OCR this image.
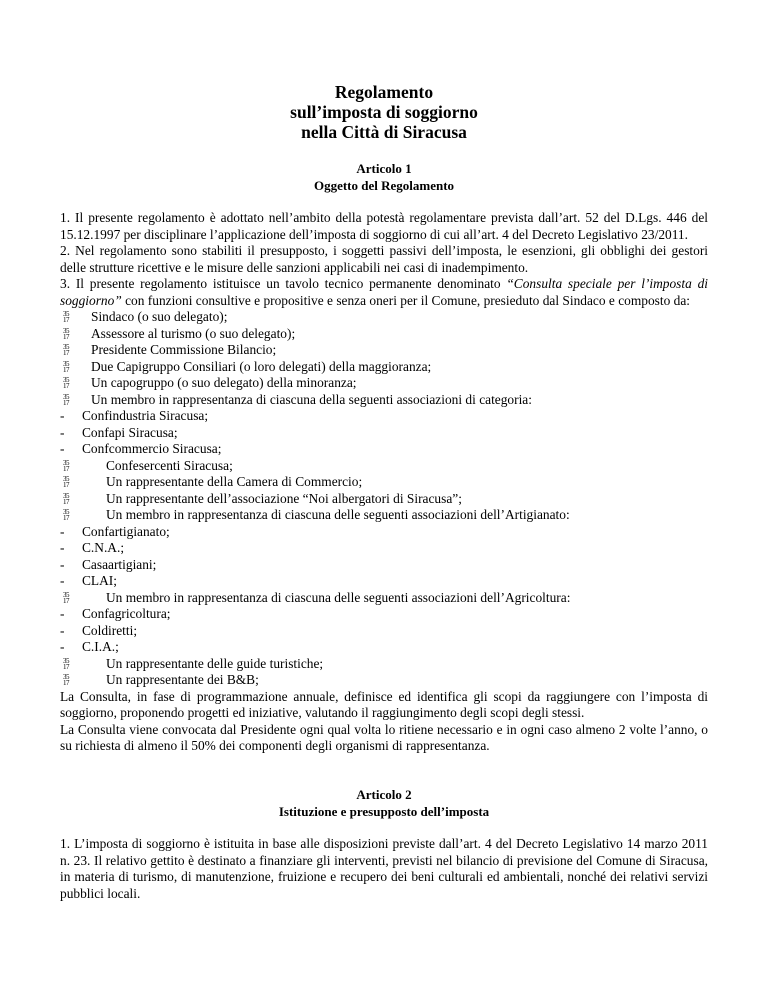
Regolamento
sull’imposta di soggiorno
nella Città di Siracusa
Articolo 1
Oggetto del Regolamento

1. Il presente regolamento è adottato nell’ambito della potestà regolamentare prevista dall’art. 52 del D.Lgs. 446 del 15.12.1997 per disciplinare l’applicazione dell’imposta di soggiorno di cui all’art. 4 del Decreto Legislativo 23/2011.

2. Nel regolamento sono stabiliti il presupposto, i soggetti passivi dell’imposta, le esenzioni, gli obblighi dei gestori delle strutture ricettive e le misure delle sanzioni applicabili nei casi di inadempimento.

3. Il presente regolamento istituisce un tavolo tecnico permanente denominato “Consulta speciale per l’imposta di soggiorno” con funzioni consultive e propositive e senza oneri per il Comune, presieduto dal Sindaco e composto da:

35
17 Sindaco (o suo delegato);
35
17 Assessore al turismo (o suo delegato);
35
17 Presidente Commissione Bilancio;
35
17 Due Capigruppo Consiliari (o loro delegati) della maggioranza;
35
17 Un capogruppo (o suo delegato) della minoranza;
35
17 Un membro in rappresentanza di ciascuna della seguenti associazioni di categoria:
- Confindustria Siracusa;
- Confapi Siracusa;
- Confcommercio Siracusa;
35
17	Confesercenti Siracusa;
35
17	Un rappresentante della Camera di Commercio;
35
17	Un rappresentante dell’associazione “Noi albergatori di Siracusa”;
35
17	Un membro in rappresentanza di ciascuna delle seguenti associazioni dell’Artigianato:
- Confartigianato;
- C.N.A.;
- Casaartigiani;
- CLAI;
35
17	Un membro in rappresentanza di ciascuna delle seguenti associazioni dell’Agricoltura:
- Confagricoltura;
- Coldiretti;
- C.I.A.;
35
17	Un rappresentante delle guide turistiche;
35
17	Un rappresentante dei B&B;

La Consulta, in fase di programmazione annuale, definisce ed identifica gli scopi da raggiungere con l’imposta di soggiorno, proponendo progetti ed iniziative, valutando il raggiungimento degli scopi degli stessi.

La Consulta viene convocata dal Presidente ogni qual volta lo ritiene necessario e in ogni caso almeno 2 volte l’anno, o su richiesta di almeno il 50% dei componenti degli organismi di rappresentanza.

Articolo 2
Istituzione e presupposto dell’imposta

1. L’imposta di soggiorno è istituita in base alle disposizioni previste dall’art. 4 del Decreto Legislativo 14 marzo 2011 n. 23. Il relativo gettito è destinato a finanziare gli interventi, previsti nel bilancio di previsione del Comune di Siracusa, in materia di turismo, di manutenzione, fruizione e recupero dei beni culturali ed ambientali, nonché dei relativi servizi pubblici locali.
